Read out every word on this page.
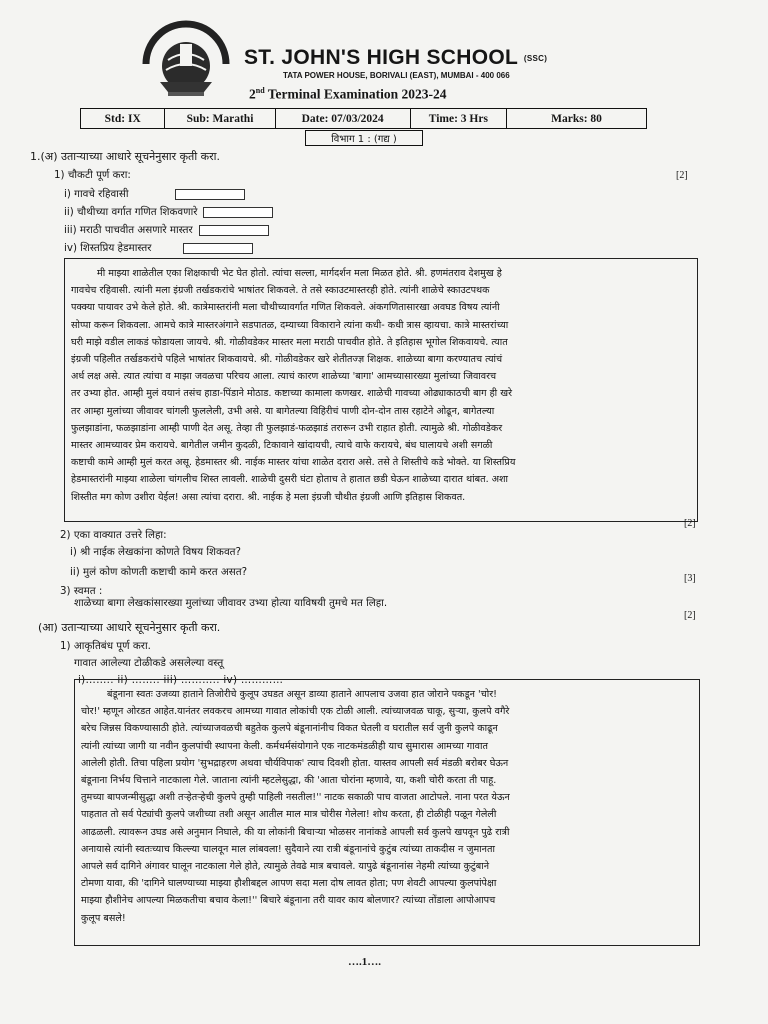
ST. JOHN'S HIGH SCHOOL (SSC)
TATA POWER HOUSE, BORIVALI (EAST), MUMBAI - 400 066
2nd Terminal Examination 2023-24
Std: IX	Sub: Marathi	Date: 07/03/2024	Time: 3 Hrs	Marks: 80
विभाग 1 : (गद्य )
1.(अ) उताऱ्याच्या आधारे सूचनेनुसार कृती करा.
1) चौकटी पूर्ण करा:	[2]
i) गावचे रहिवासी
ii) चौथीच्या वर्गात गणित शिकवणारे
iii) मराठी पाचवीत असणारे मास्तर
iv) शिस्तप्रिय हेडमास्तर
मी माझ्या शाळेतील एका शिक्षकाची भेट घेत होतो. त्यांचा सल्ला, मार्गदर्शन मला मिळत होते. श्री. हणमंतराव देशमुख हे
गावचेच रहिवासी. त्यांनी मला इंग्रजी तर्खडकरांचे भाषांतर शिकवले. ते तसे स्काउटमास्तरही होते. त्यांनी शाळेचे स्काउटपथक
पक्क्या पायावर उभे केले होते. श्री. कात्रेमास्तरांनी मला चौथीच्यावर्गात गणित शिकवले. अंकगणितासारखा अवघड विषय त्यांनी
सोप्पा करून शिकवला. आमचे कात्रे मास्तरअंगाने सडपातळ, दम्याच्या विकाराने त्यांना कधी- कधी त्रास व्हायचा. कात्रे मास्तरांच्या
घरी माझे वडील लाकडं फोडायला जायचे. श्री. गोळीवडेकर मास्तर मला मराठी पाचवीत होते. ते इतिहास भूगोल शिकवायचे. त्यात
इंग्रजी पहिलीत तर्खडकरांचे पहिले भाषांतर शिकवायचे. श्री. गोळीवडेकर खरे शेतीतज्ज्ञ शिक्षक. शाळेच्या बागा करण्यातच त्यांचं
अर्ध लक्ष असे. त्यात त्यांचा व माझा जवळचा परिचय आला. त्याचं कारण शाळेच्या 'बागा' आमच्यासारख्या मुलांच्या जिवावरच
तर उभ्या होत. आम्ही मुलं वयानं तसंच हाडा-पिंडाने मोठाड. कष्टाच्या कामाला कणखर. शाळेची गावच्या ओढ्याकाठची बाग ही खरे
तर आम्हा मुलांच्या जीवावर चांगली फुललेली, उभी असे. या बागेतल्या विहिरीचं पाणी दोन-दोन तास रहाटेने ओढून, बागेतल्या
फुलझाडांना, फळझाडांना आम्ही पाणी देत असू. तेव्हा ती फुलझाडं-फळझाडं तरारून उभी राहात होती. त्यामुळे श्री. गोळीवडेकर
मास्तर आमच्यावर प्रेम करायचे. बागेतील जमीन कुदळी, टिकावाने खांदायची, त्याचे वाफे करायचे, बंध घालायचे अशी सगळी
कष्टाची कामे आम्ही मुलं करत असू. हेडमास्तर श्री. नाईक मास्तर यांचा शाळेत दरारा असे. तसे ते शिस्तीचे कडे भोक्ते. या शिस्तप्रिय
हेडमास्तरांनी माझ्या शाळेला चांगलीच शिस्त लावली. शाळेची दुसरी घंटा होताच ते हातात छडी घेऊन शाळेच्या दारात थांबत. अशा
शिस्तीत मग कोण उशीरा येईल! असा त्यांचा दरारा. श्री. नाईक हे मला इंग्रजी चौथीत इंग्रजी आणि इतिहास शिकवत.
2) एका वाक्यात उत्तरे लिहा:
[2]
i) श्री नाईक लेखकांना कोणते विषय शिकवत?
ii) मुलं कोण कोणती कष्टाची कामे करत असत?
[3]
3) स्वमत :
शाळेच्या बागा लेखकांसारख्या मुलांच्या जीवावर उभ्या होत्या याविषयी तुमचे मत लिहा.
(आ) उताऱ्याच्या आधारे सूचनेनुसार कृती करा.
[2]
1) आकृतिबंध पूर्ण करा.
गावात आलेल्या टोळीकडे असलेल्या वस्तू
i)…….. ii) …….. iii) ……….. iv) …………
बंडूनाना स्वतः उजव्या हाताने तिजोरीचे कुलूप उघडत असून डाव्या हाताने आपलाच उजवा हात जोराने पकडून 'चोर!
चोर!' म्हणून ओरडत आहेत.यानंतर लवकरच आमच्या गावात लोकांची एक टोळी आली. त्यांच्याजवळ चाकू, सुऱ्या, कुलपे वगैरे
बरेच जिन्नस विकण्यासाठी होते. त्यांच्याजवळची बहुतेक कुलपे बंडूनानांनीच विकत घेतली व घरातील सर्व जुनी कुलपे काढून
त्यांनी त्यांच्या जागी या नवीन कुलपांची स्थापना केली. कर्मधर्मसंयोगाने एक नाटकमंडळीही याच सुमारास आमच्या गावात
आलेली होती. तिचा पहिला प्रयोग 'सुभद्राहरण अथवा चौर्यविपाक' त्याच दिवशी होता. यास्तव आपली सर्व मंडळी बरोबर घेऊन
बंडूनाना निर्भय चित्ताने नाटकाला गेले. जाताना त्यांनी म्हटलेसुद्धा, की 'आता चोरांना म्हणावे, या, कशी चोरी करता ती पाहू.
तुमच्या बापजन्मीसुद्धा अशी तऱ्हेतऱ्हेची कुलपे तुम्ही पाहिली नसतील!'' नाटक सकाळी पाच वाजता आटोपले. नाना परत येऊन
पाहतात तो सर्व पेट्यांची कुलपे जशीच्या तशी असून आतील माल मात्र चोरीस गेलेला! शोध करता, ही टोळीही पळून गेलेली
आढळली. त्यावरून उघड असे अनुमान निघाले, की या लोकांनी बिचाऱ्या भोळसर नानांकडे आपली सर्व कुलपे खपवून पुढे रात्री
अनायासे त्यांनी स्वतःच्याच किल्ल्या चालवून माल लांबवला! सुदैवाने त्या रात्री बंडूनानांचे कुटुंब त्यांच्या ताकदीस न जुमानता
आपले सर्व दागिने अंगावर घालून नाटकाला गेले होते, त्यामुळे तेवढे मात्र बचावले. यापुढे बंडूनानांस नेहमी त्यांच्या कुटुंबाने
टोमणा यावा, की 'दागिने घालण्याच्या माझ्या हौशीबद्दल आपण सदा मला दोष लावत होता; पण शेवटी आपल्या कुलपांपेक्षा
माझ्या हौशीनेच आपल्या मिळकतीचा बचाव केला!'' बिचारे बंडूनाना तरी यावर काय बोलणार? त्यांच्या तोंडाला आपोआपच
कुलूप बसले!
….1….
